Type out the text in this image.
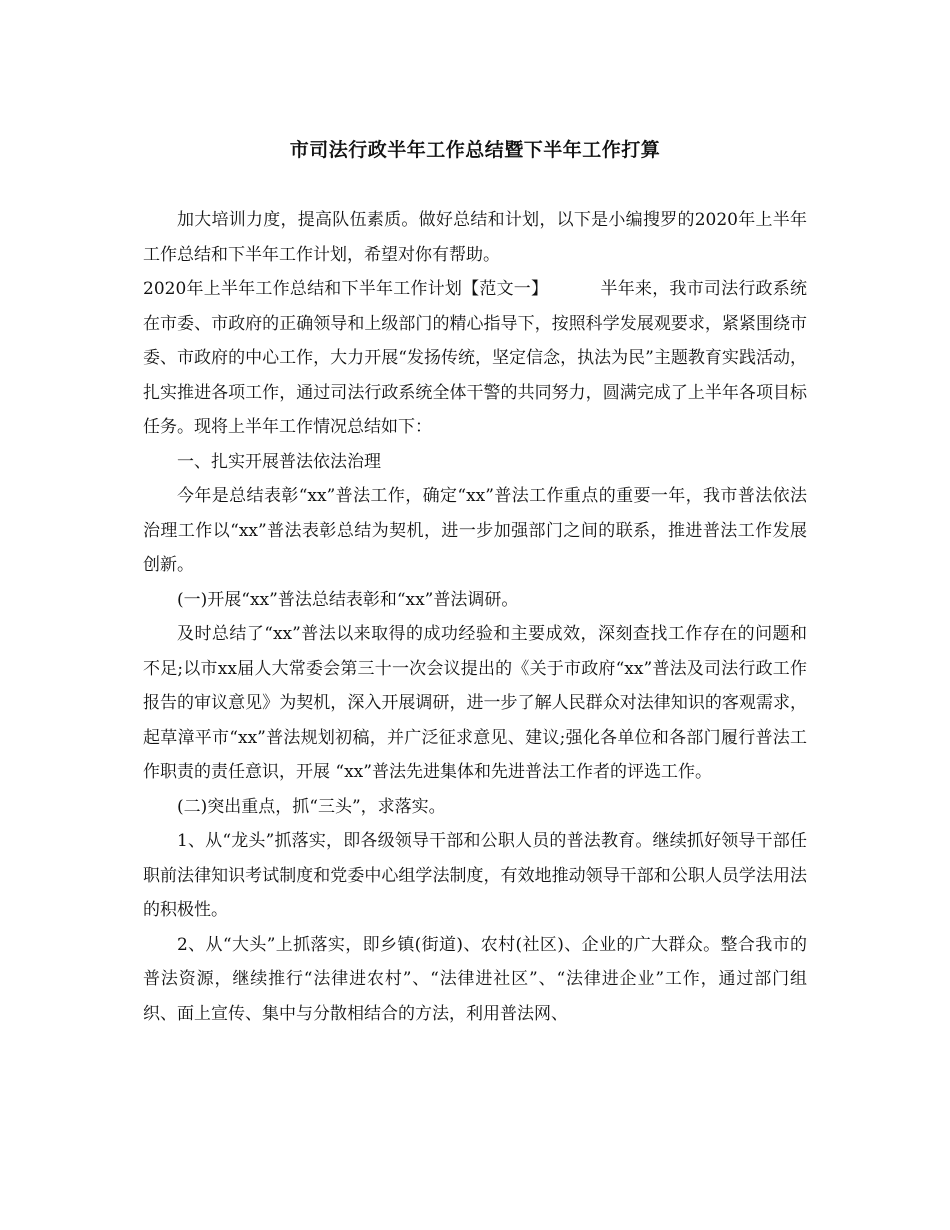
市司法行政半年工作总结暨下半年工作打算

加大培训力度，提高队伍素质。做好总结和计划，以下是小编搜罗的2020年上半年工作总结和下半年工作计划，希望对你有帮助。

2020年上半年工作总结和下半年工作计划【范文一】	半年来，我市司法行政系统在市委、市政府的正确领导和上级部门的精心指导下，按照科学发展观要求，紧紧围绕市委、市政府的中心工作，大力开展“发扬传统，坚定信念，执法为民”主题教育实践活动，扎实推进各项工作，通过司法行政系统全体干警的共同努力，圆满完成了上半年各项目标任务。现将上半年工作情况总结如下：

一、扎实开展普法依法治理

今年是总结表彰“xx”普法工作，确定“xx”普法工作重点的重要一年，我市普法依法治理工作以“xx”普法表彰总结为契机，进一步加强部门之间的联系，推进普法工作发展创新。

(一)开展“xx”普法总结表彰和“xx”普法调研。

及时总结了“xx”普法以来取得的成功经验和主要成效，深刻查找工作存在的问题和不足;以市xx届人大常委会第三十一次会议提出的《关于市政府“xx”普法及司法行政工作报告的审议意见》为契机，深入开展调研，进一步了解人民群众对法律知识的客观需求，起草漳平市“xx”普法规划初稿，并广泛征求意见、建议;强化各单位和各部门履行普法工作职责的责任意识，开展 “xx”普法先进集体和先进普法工作者的评选工作。

(二)突出重点，抓“三头”，求落实。

1、从“龙头”抓落实，即各级领导干部和公职人员的普法教育。继续抓好领导干部任职前法律知识考试制度和党委中心组学法制度，有效地推动领导干部和公职人员学法用法的积极性。

2、从“大头”上抓落实，即乡镇(街道)、农村(社区)、企业的广大群众。整合我市的普法资源，继续推行“法律进农村”、“法律进社区”、“法律进企业”工作，通过部门组织、面上宣传、集中与分散相结合的方法，利用普法网、
